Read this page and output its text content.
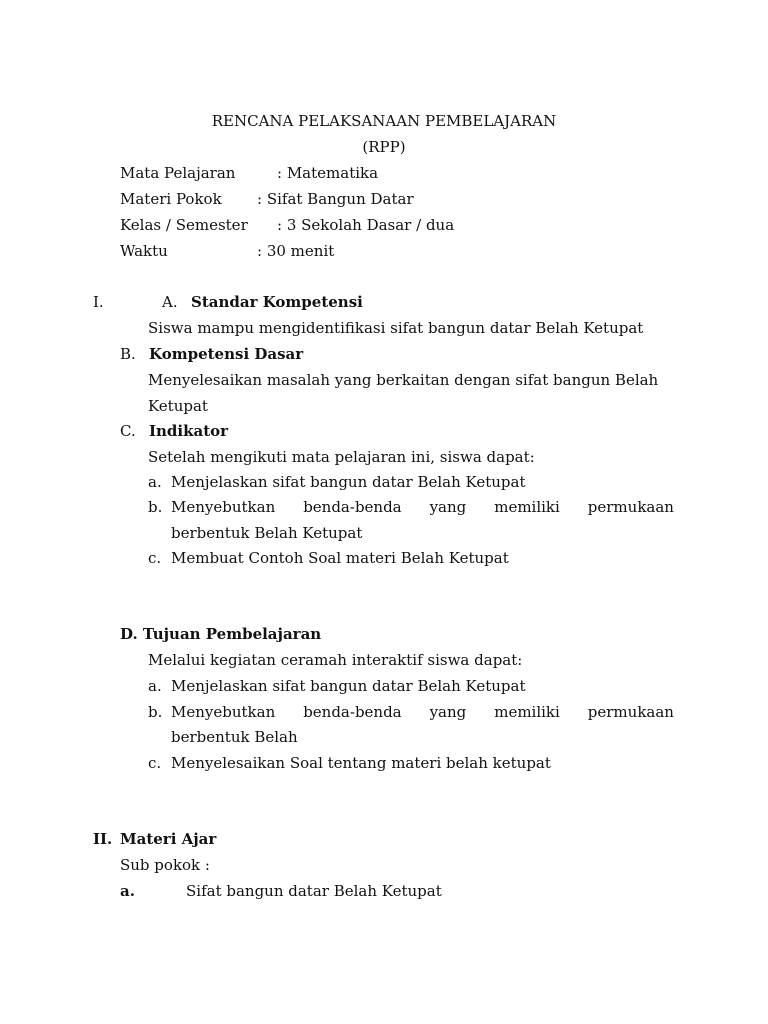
RENCANA PELAKSANAAN PEMBELAJARAN
(RPP)
Mata Pelajaran	: Matematika
Materi Pokok : Sifat Bangun Datar
Kelas / Semester : 3 Sekolah Dasar / dua
Waktu	: 30 menit
I.	A. Standar Kompetensi
Siswa mampu mengidentifikasi sifat bangun datar Belah Ketupat
B. Kompetensi Dasar
Menyelesaikan masalah yang berkaitan dengan sifat bangun Belah
Ketupat
C. Indikator
Setelah mengikuti mata pelajaran ini, siswa dapat:
a. Menjelaskan sifat bangun datar Belah Ketupat
b. Menyebutkan benda-benda yang memiliki permukaan
berbentuk Belah Ketupat
c. Membuat Contoh Soal materi Belah Ketupat
D. Tujuan Pembelajaran
Melalui kegiatan ceramah interaktif siswa dapat:
a. Menjelaskan sifat bangun datar Belah Ketupat
b. Menyebutkan benda-benda yang memiliki permukaan
berbentuk Belah
c. Menyelesaikan Soal tentang materi belah ketupat
II. Materi Ajar
Sub pokok :
a.	Sifat bangun datar Belah Ketupat
